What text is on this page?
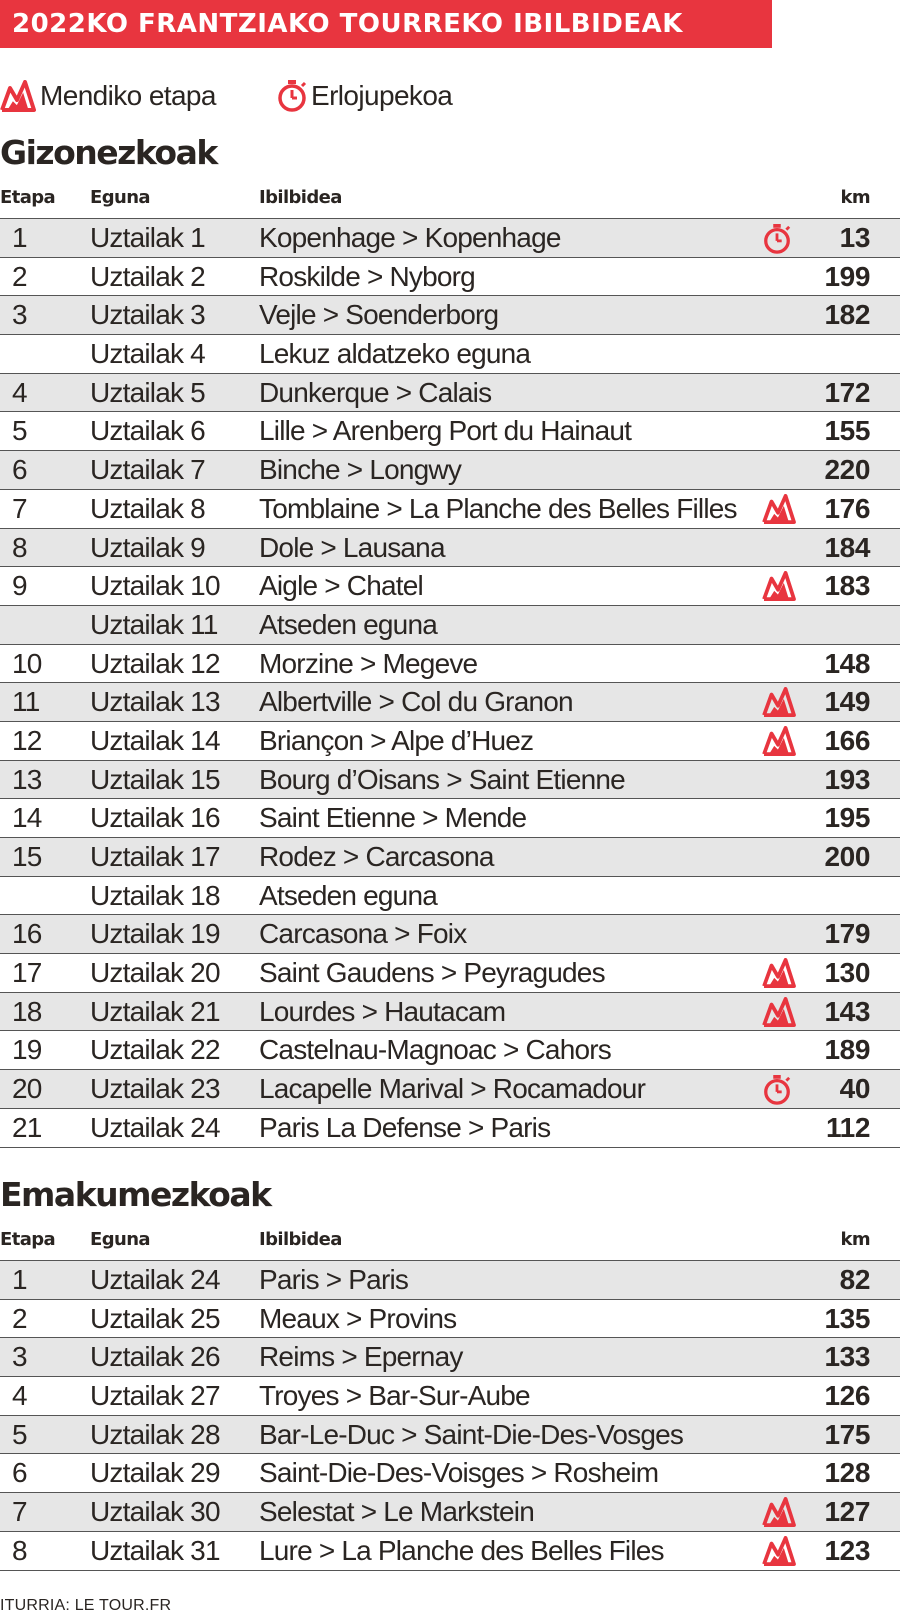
2022KO FRANTZIAKO TOURREKO IBILBIDEAK
Mendiko etapa	Erlojupekoa
Gizonezkoak
Etapa Eguna	Ibilbidea	km
1 Uztailak 1 Kopenhage > Kopenhage	13
2 Uztailak 2 Roskilde > Nyborg	199
3 Uztailak 3 Vejle > Soenderborg	182
Uztailak 4 Lekuz aldatzeko eguna
4 Uztailak 5 Dunkerque > Calais	172
5 Uztailak 6 Lille > Arenberg Port du Hainaut	155
6 Uztailak 7 Binche > Longwy	220
7 Uztailak 8 Tomblaine > La Planche des Belles Filles	176
8 Uztailak 9 Dole > Lausana	184
9 Uztailak 10 Aigle > Chatel	183
Uztailak 11 Atseden eguna
10 Uztailak 12 Morzine > Megeve	148
11 Uztailak 13 Albertville > Col du Granon	149
12 Uztailak 14 Briançon > Alpe d’Huez	166
13 Uztailak 15 Bourg d’Oisans > Saint Etienne	193
14 Uztailak 16 Saint Etienne > Mende	195
15 Uztailak 17 Rodez > Carcasona	200
Uztailak 18 Atseden eguna
16 Uztailak 19 Carcasona > Foix	179
17 Uztailak 20 Saint Gaudens > Peyragudes	130
18 Uztailak 21 Lourdes > Hautacam	143
19 Uztailak 22 Castelnau-Magnoac > Cahors	189
20 Uztailak 23 Lacapelle Marival > Rocamadour	40
21 Uztailak 24 Paris La Defense > Paris	112
Emakumezkoak
Etapa Eguna	Ibilbidea	km
1 Uztailak 24 Paris > Paris	82
2 Uztailak 25 Meaux > Provins	135
3 Uztailak 26 Reims > Epernay	133
4 Uztailak 27 Troyes > Bar-Sur-Aube	126
5 Uztailak 28 Bar-Le-Duc > Saint-Die-Des-Vosges	175
6 Uztailak 29 Saint-Die-Des-Voisges > Rosheim	128
7 Uztailak 30 Selestat > Le Markstein	127
8 Uztailak 31 Lure > La Planche des Belles Files	123
ITURRIA: LE TOUR.FR
